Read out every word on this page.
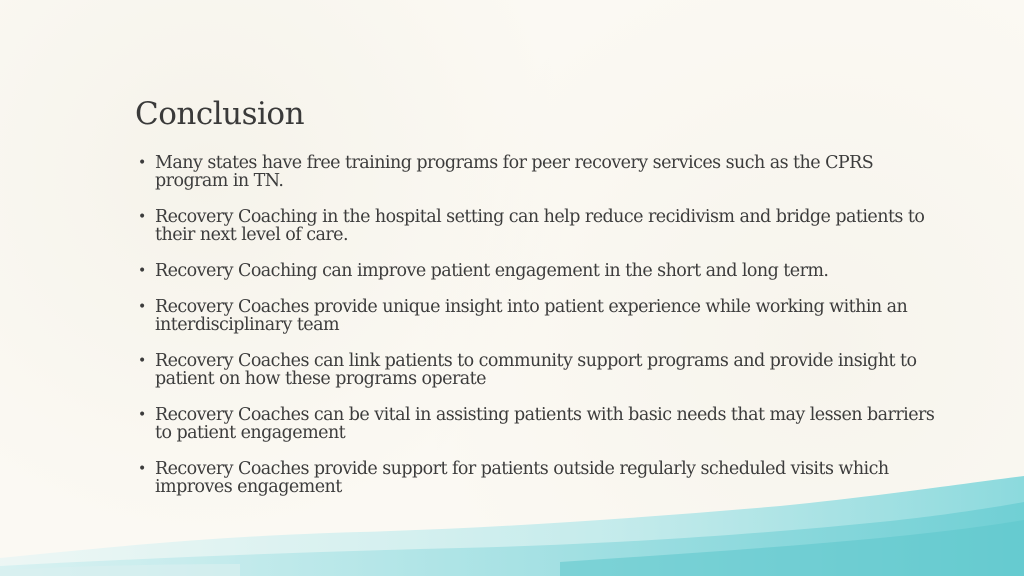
Conclusion
• Many states have free training programs for peer recovery services such as the CPRS program in TN.
• Recovery Coaching in the hospital setting can help reduce recidivism and bridge patients to their next level of care.
• Recovery Coaching can improve patient engagement in the short and long term.
• Recovery Coaches provide unique insight into patient experience while working within an interdisciplinary team
• Recovery Coaches can link patients to community support programs and provide insight to patient on how these programs operate
• Recovery Coaches can be vital in assisting patients with basic needs that may lessen barriers to patient engagement
• Recovery Coaches provide support for patients outside regularly scheduled visits which improves engagement
